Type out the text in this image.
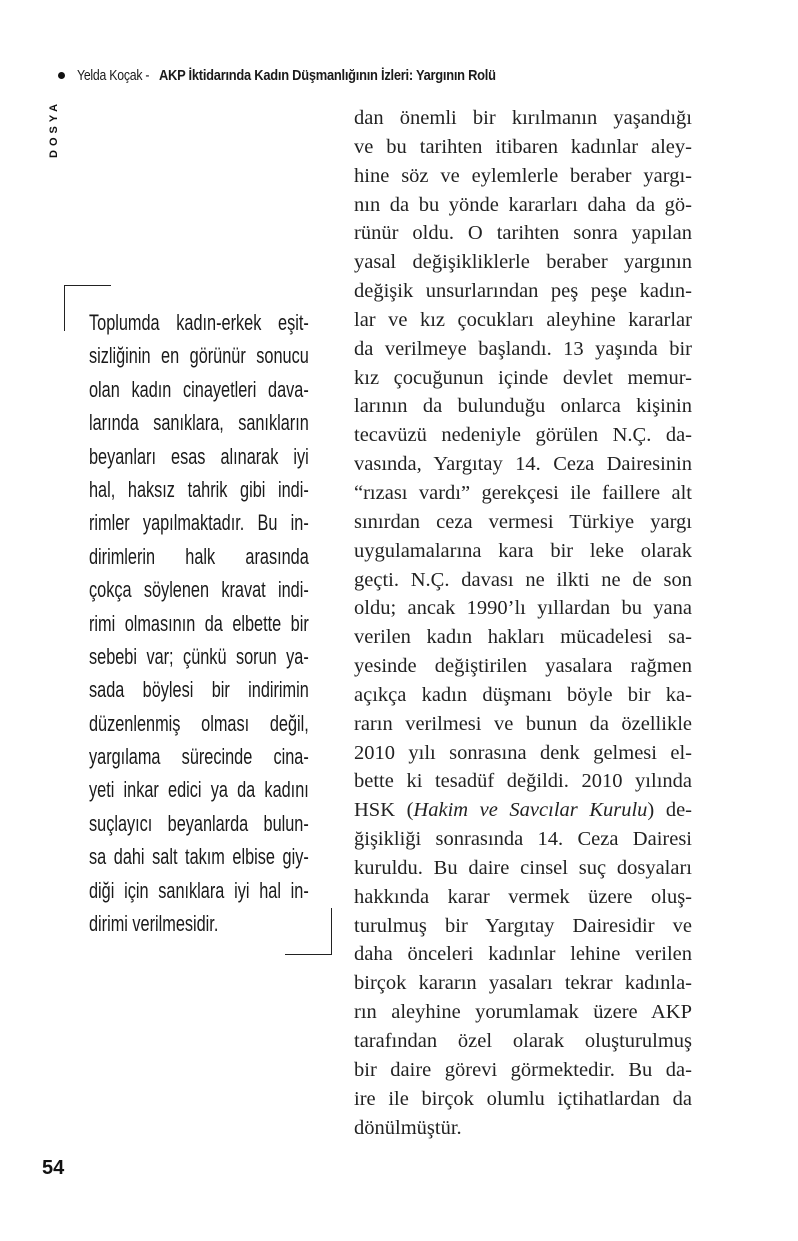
Yelda Koçak - AKP İktidarında Kadın Düşmanlığının İzleri: Yargının Rolü
DOSYA
Toplumda kadın-erkek eşit-
sizliğinin en görünür sonucu
olan kadın cinayetleri dava-
larında sanıklara, sanıkların
beyanları esas alınarak iyi
hal, haksız tahrik gibi indi-
rimler yapılmaktadır. Bu in-
dirimlerin halk arasında
çokça söylenen kravat indi-
rimi olmasının da elbette bir
sebebi var; çünkü sorun ya-
sada böylesi bir indirimin
düzenlenmiş olması değil,
yargılama sürecinde cina-
yeti inkar edici ya da kadını
suçlayıcı beyanlarda bulun-
sa dahi salt takım elbise giy-
diği için sanıklara iyi hal in-
dirimi verilmesidir.
dan önemli bir kırılmanın yaşandığı
ve bu tarihten itibaren kadınlar aley-
hine söz ve eylemlerle beraber yargı-
nın da bu yönde kararları daha da gö-
rünür oldu. O tarihten sonra yapılan
yasal değişikliklerle beraber yargının
değişik unsurlarından peş peşe kadın-
lar ve kız çocukları aleyhine kararlar
da verilmeye başlandı. 13 yaşında bir
kız çocuğunun içinde devlet memur-
larının da bulunduğu onlarca kişinin
tecavüzü nedeniyle görülen N.Ç. da-
vasında, Yargıtay 14. Ceza Dairesinin
“rızası vardı” gerekçesi ile faillere alt
sınırdan ceza vermesi Türkiye yargı
uygulamalarına kara bir leke olarak
geçti. N.Ç. davası ne ilkti ne de son
oldu; ancak 1990’lı yıllardan bu yana
verilen kadın hakları mücadelesi sa-
yesinde değiştirilen yasalara rağmen
açıkça kadın düşmanı böyle bir ka-
rarın verilmesi ve bunun da özellikle
2010 yılı sonrasına denk gelmesi el-
bette ki tesadüf değildi. 2010 yılında
HSK (Hakim ve Savcılar Kurulu) de-
ğişikliği sonrasında 14. Ceza Dairesi
kuruldu. Bu daire cinsel suç dosyaları
hakkında karar vermek üzere oluş-
turulmuş bir Yargıtay Dairesidir ve
daha önceleri kadınlar lehine verilen
birçok kararın yasaları tekrar kadınla-
rın aleyhine yorumlamak üzere AKP
tarafından özel olarak oluşturulmuş
bir daire görevi görmektedir. Bu da-
ire ile birçok olumlu içtihatlardan da
dönülmüştür.
54
